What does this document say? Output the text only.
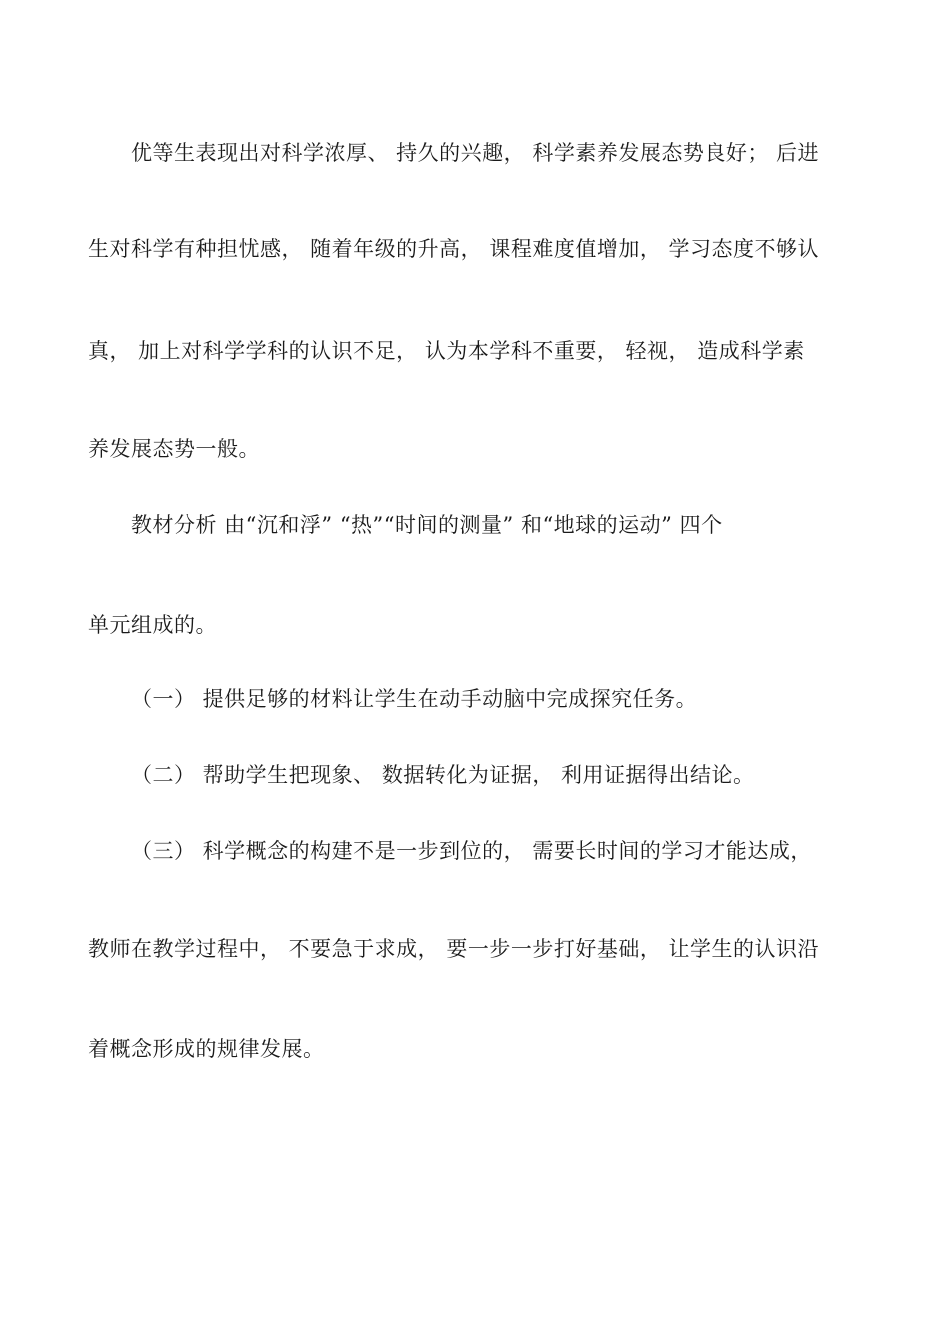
优等生表现出对科学浓厚、 持久的兴趣， 科学素养发展态势良好； 后进
生对科学有种担忧感， 随着年级的升高， 课程难度值增加， 学习态度不够认
真， 加上对科学学科的认识不足， 认为本学科不重要， 轻视， 造成科学素
养发展态势一般。
教材分析 由“沉和浮” “热”“时间的测量” 和“地球的运动” 四个
单元组成的。
（一） 提供足够的材料让学生在动手动脑中完成探究任务。
（二） 帮助学生把现象、 数据转化为证据， 利用证据得出结论。
（三） 科学概念的构建不是一步到位的， 需要长时间的学习才能达成，
教师在教学过程中， 不要急于求成， 要一步一步打好基础， 让学生的认识沿
着概念形成的规律发展。
